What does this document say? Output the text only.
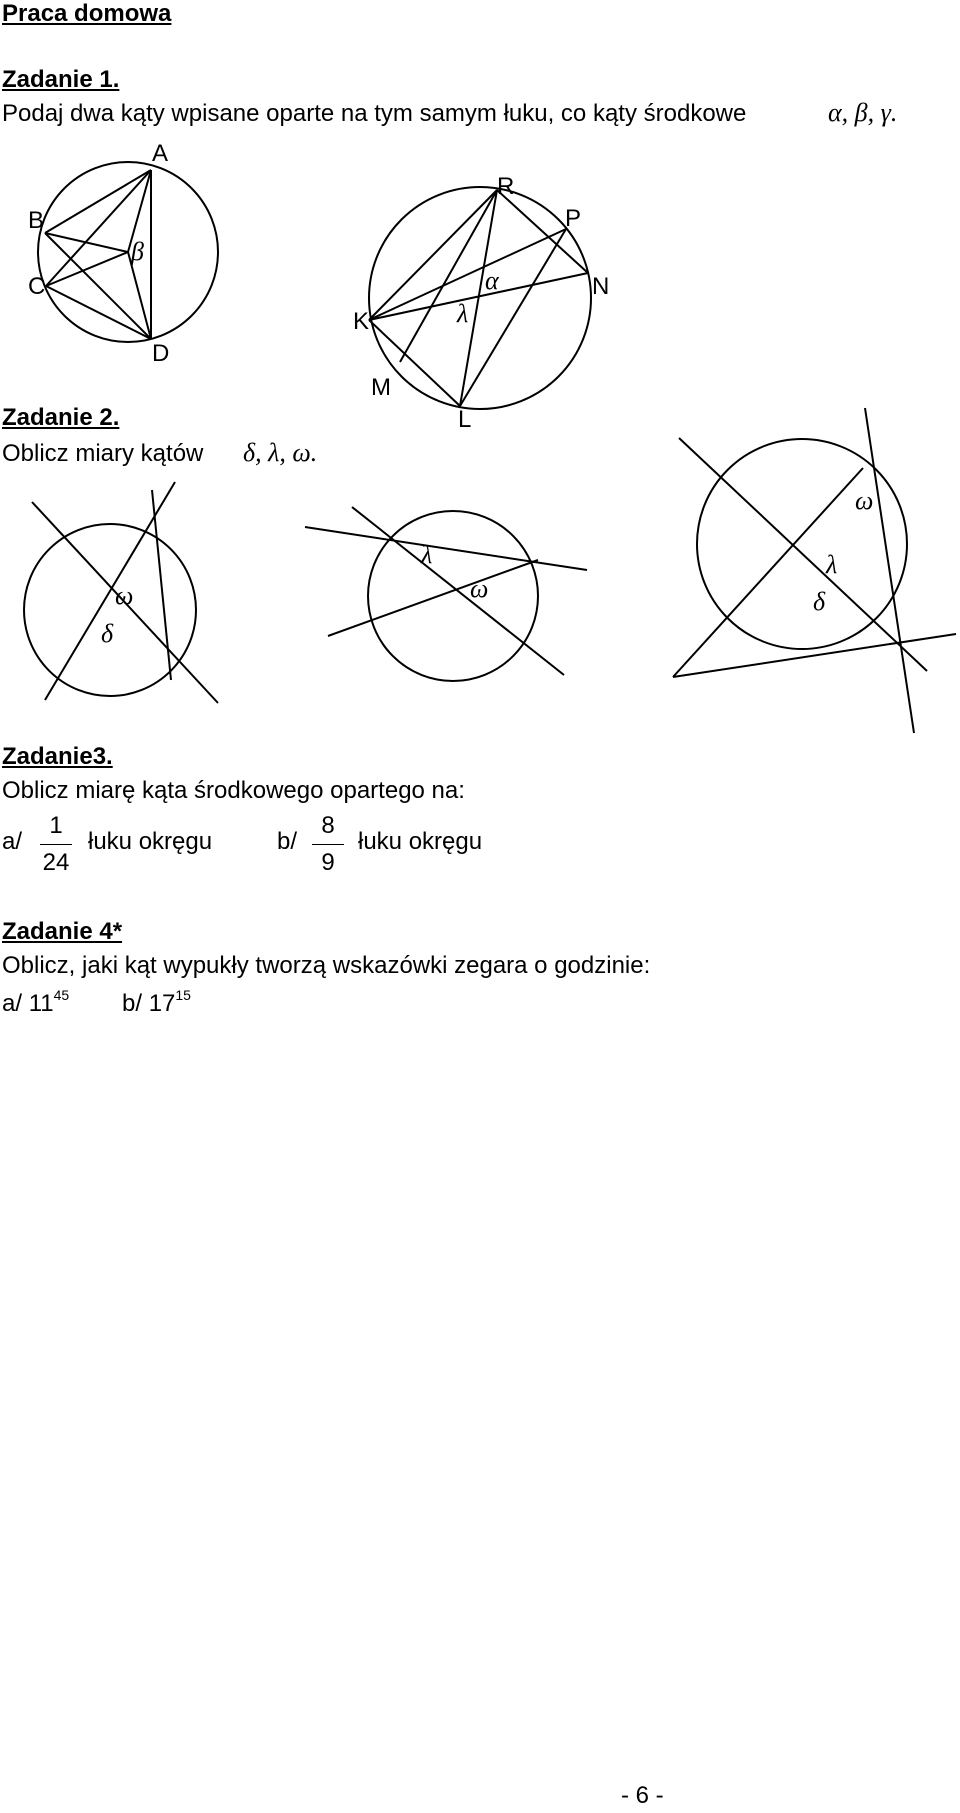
Praca domowa
Zadanie 1.
Podaj dwa kąty wpisane oparte na tym samym łuku, co kąty środkowe	α, β, γ.
Zadanie 2.
Oblicz miary kątów δ, λ, ω.
Zadanie3.
Oblicz miarę kąta środkowego opartego na:
a/
1
24
łuku okręgu	b/
8
9
łuku okręgu
Zadanie 4*
Oblicz, jaki kąt wypukły tworzą wskazówki zegara o godzinie:
a/ $11^{45}$ b/ $17^{15}$
- 6 -
A
B
C
D
β
R
P
N
K
M
L
α
λ
ω
δ
λ
ω
ω
λ
δ
